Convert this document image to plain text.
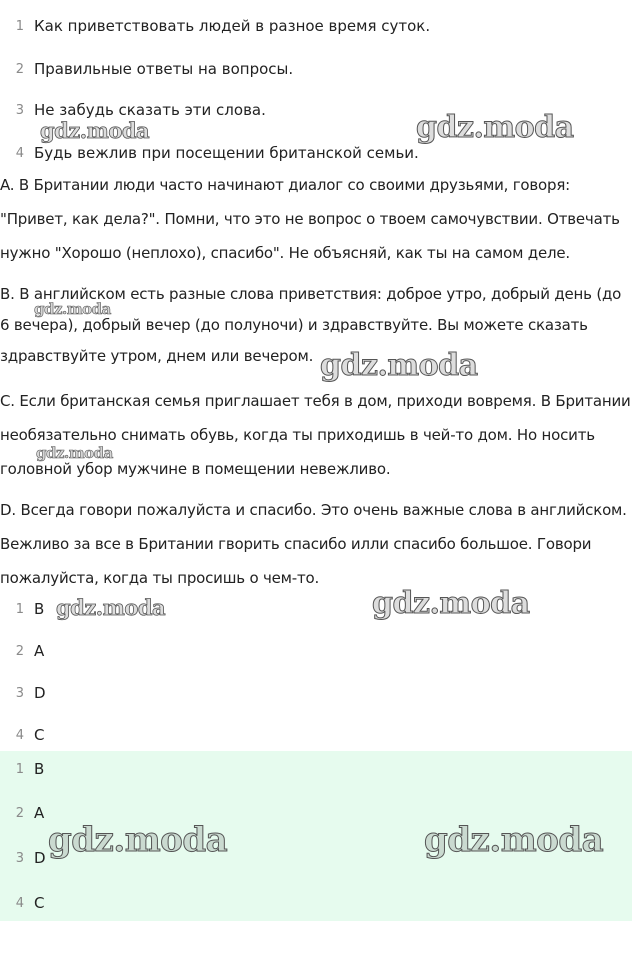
1 Как приветствовать людей в разное время суток.
2 Правильные ответы на вопросы.
3 Не забудь сказать эти слова.
4 Будь вежлив при посещении британской семьи.
A. В Британии люди часто начинают диалог со своими друзьями, говоря: "Привет, как дела?". Помни, что это не вопрос о твоем самочувствии. Отвечать нужно "Хорошо (неплохо), спасибо". Не объясняй, как ты на самом деле.
B. В английском есть разные слова приветствия: доброе утро, добрый день (до 6 вечера), добрый вечер (до полуночи) и здравствуйте. Вы можете сказать здравствуйте утром, днем или вечером.
C. Если британская семья приглашает тебя в дом, приходи вовремя. В Британии необязательно снимать обувь, когда ты приходишь в чей-то дом. Но носить головной убор мужчине в помещении невежливо.
D. Всегда говори пожалуйста и спасибо. Это очень важные слова в английском. Вежливо за все в Британии гворить спасибо илли спасибо большое. Говори пожалуйста, когда ты просишь о чем-то.
1 B
2 A
3 D
4 C
1 B
2 A
3 D
4 C
gdz.moda	gdz.moda
gdz.moda
gdz.moda
gdz.moda
gdz.moda	gdz.moda
gdz.moda	gdz.moda
